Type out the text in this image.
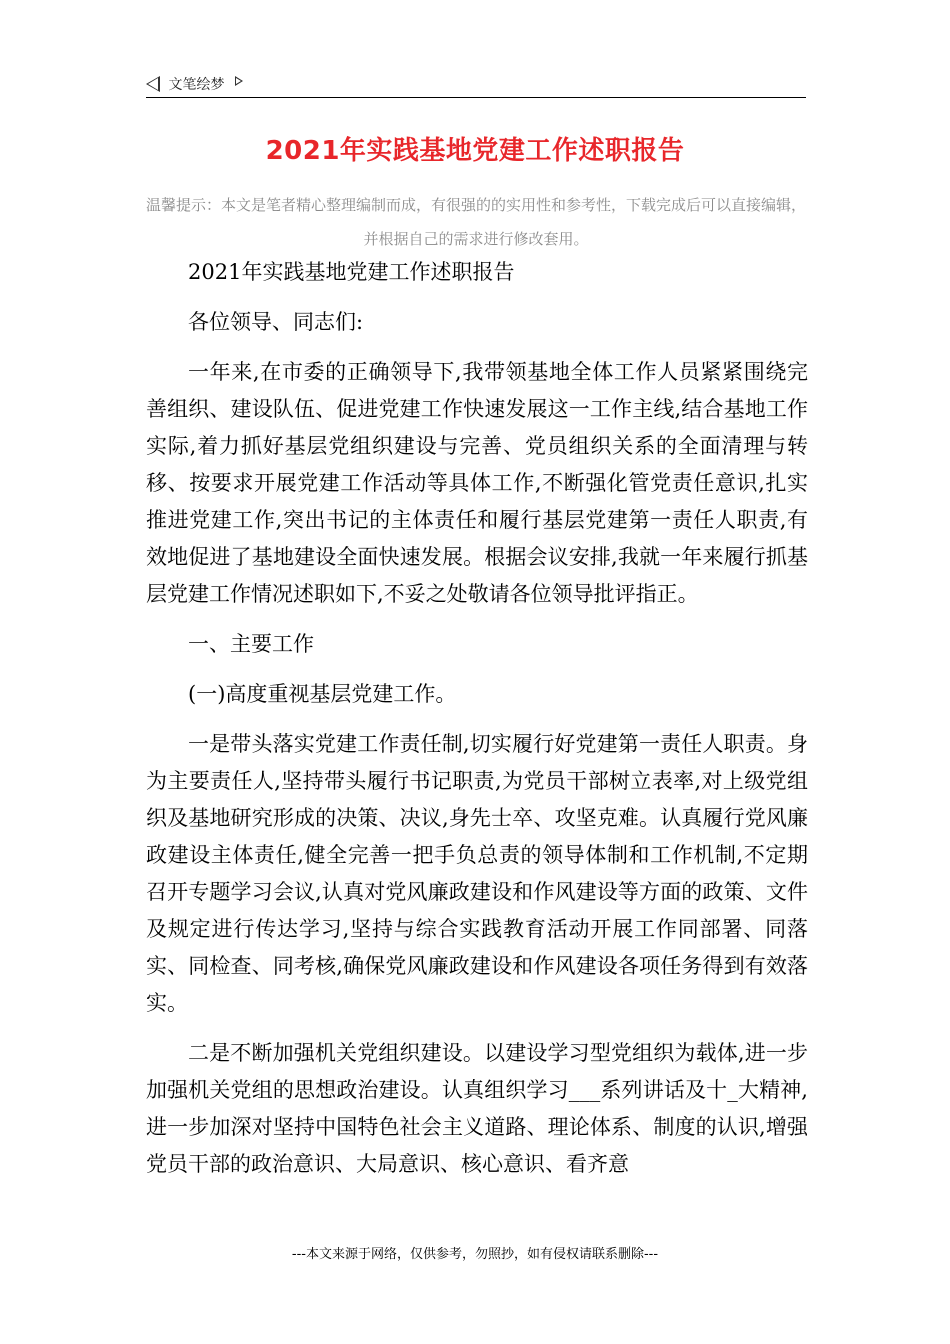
文笔绘梦
2021年实践基地党建工作述职报告
温馨提示：本文是笔者精心整理编制而成，有很强的的实用性和参考性，下载完成后可以直接编辑，并根据自己的需求进行修改套用。

2021年实践基地党建工作述职报告

各位领导、同志们:

一年来,在市委的正确领导下,我带领基地全体工作人员紧紧围绕完善组织、建设队伍、促进党建工作快速发展这一工作主线,结合基地工作实际,着力抓好基层党组织建设与完善、党员组织关系的全面清理与转移、按要求开展党建工作活动等具体工作,不断强化管党责任意识,扎实推进党建工作,突出书记的主体责任和履行基层党建第一责任人职责,有效地促进了基地建设全面快速发展。根据会议安排,我就一年来履行抓基层党建工作情况述职如下,不妥之处敬请各位领导批评指正。

一、主要工作

(一)高度重视基层党建工作。

一是带头落实党建工作责任制,切实履行好党建第一责任人职责。身为主要责任人,坚持带头履行书记职责,为党员干部树立表率,对上级党组织及基地研究形成的决策、决议,身先士卒、攻坚克难。认真履行党风廉政建设主体责任,健全完善一把手负总责的领导体制和工作机制,不定期召开专题学习会议,认真对党风廉政建设和作风建设等方面的政策、文件及规定进行传达学习,坚持与综合实践教育活动开展工作同部署、同落实、同检查、同考核,确保党风廉政建设和作风建设各项任务得到有效落实。

二是不断加强机关党组织建设。以建设学习型党组织为载体,进一步加强机关党组的思想政治建设。认真组织学习___系列讲话及十_大精神,进一步加深对坚持中国特色社会主义道路、理论体系、制度的认识,增强党员干部的政治意识、大局意识、核心意识、看齐意

---本文来源于网络，仅供参考，勿照抄，如有侵权请联系删除---
